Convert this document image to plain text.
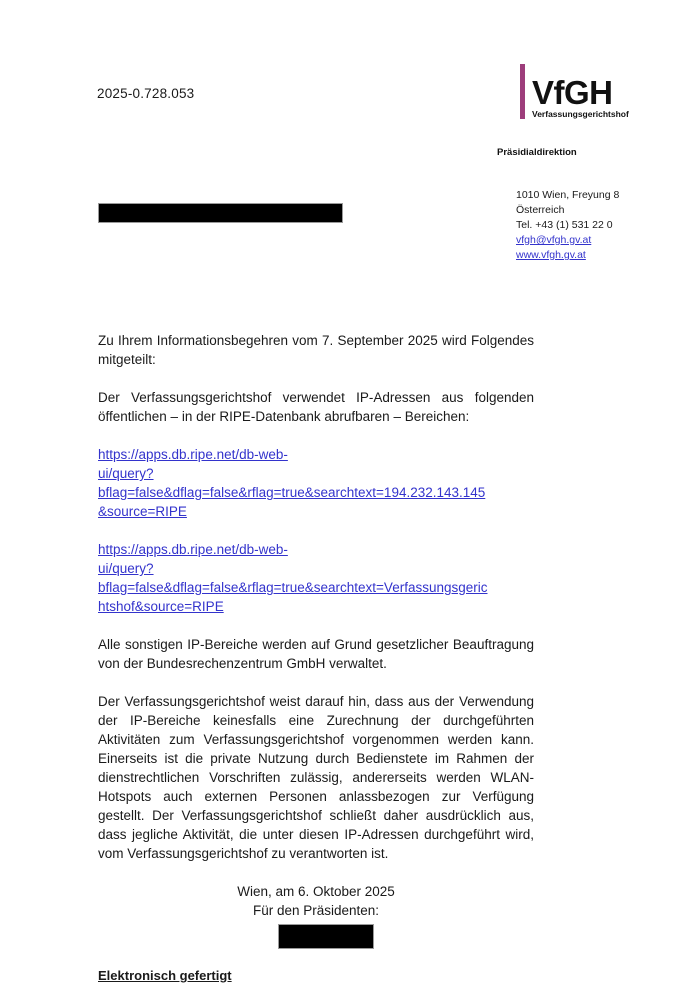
2025-0.728.053	VfGH
Verfassungsgerichtshof
Präsidialdirektion
1010 Wien, Freyung 8
Österreich
Tel. +43 (1) 531 22 0
vfgh@vfgh.gv.at
www.vfgh.gv.at

Zu Ihrem Informationsbegehren vom 7. September 2025 wird Folgendes mitgeteilt:

Der Verfassungsgerichtshof verwendet IP-Adressen aus folgenden öffentlichen – in der RIPE-Datenbank abrufbaren – Bereichen:

https://apps.db.ripe.net/db-web-
ui/query?bflag=false&dflag=false&rflag=true&searchtext=194.232.143.145
&source=RIPE

https://apps.db.ripe.net/db-web-
ui/query?bflag=false&dflag=false&rflag=true&searchtext=Verfassungsgeric
htshof&source=RIPE

Alle sonstigen IP-Bereiche werden auf Grund gesetzlicher Beauftragung von der Bundesrechenzentrum GmbH verwaltet.

Der Verfassungsgerichtshof weist darauf hin, dass aus der Verwendung der IP-Bereiche keinesfalls eine Zurechnung der durchgeführten Aktivitäten zum Verfassungsgerichtshof vorgenommen werden kann. Einerseits ist die private Nutzung durch Bedienstete im Rahmen der dienstrechtlichen Vorschriften zulässig, andererseits werden WLAN-Hotspots auch externen Personen anlassbezogen zur Verfügung gestellt. Der Verfassungsgerichtshof schließt daher ausdrücklich aus, dass jegliche Aktivität, die unter diesen IP-Adressen durchgeführt wird, vom Verfassungsgerichtshof zu verantworten ist.

Wien, am 6. Oktober 2025
Für den Präsidenten:

Elektronisch gefertigt
